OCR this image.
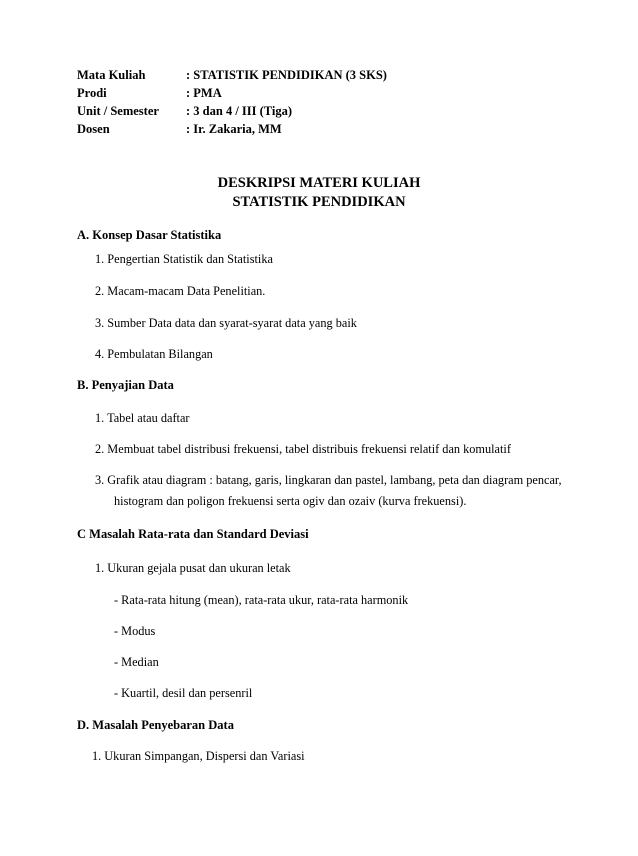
Mata Kuliah	: STATISTIK PENDIDIKAN (3 SKS)
Prodi	: PMA
Unit / Semester : 3 dan 4 / III (Tiga)
Dosen	: Ir. Zakaria, MM
DESKRIPSI MATERI KULIAH
STATISTIK PENDIDIKAN
A. Konsep Dasar Statistika
1. Pengertian Statistik dan Statistika
2. Macam-macam Data Penelitian.
3. Sumber Data data dan syarat-syarat data yang baik
4. Pembulatan Bilangan
B. Penyajian Data
1. Tabel atau daftar
2. Membuat tabel distribusi frekuensi, tabel distribuis frekuensi relatif dan komulatif
3. Grafik atau diagram : batang, garis, lingkaran dan pastel, lambang, peta dan diagram pencar,
histogram dan poligon frekuensi serta ogiv dan ozaiv (kurva frekuensi).
C Masalah Rata-rata dan Standard Deviasi
1. Ukuran gejala pusat dan ukuran letak
- Rata-rata hitung (mean), rata-rata ukur, rata-rata harmonik
- Modus
- Median
- Kuartil, desil dan persenril
D. Masalah Penyebaran Data
1. Ukuran Simpangan, Dispersi dan Variasi
